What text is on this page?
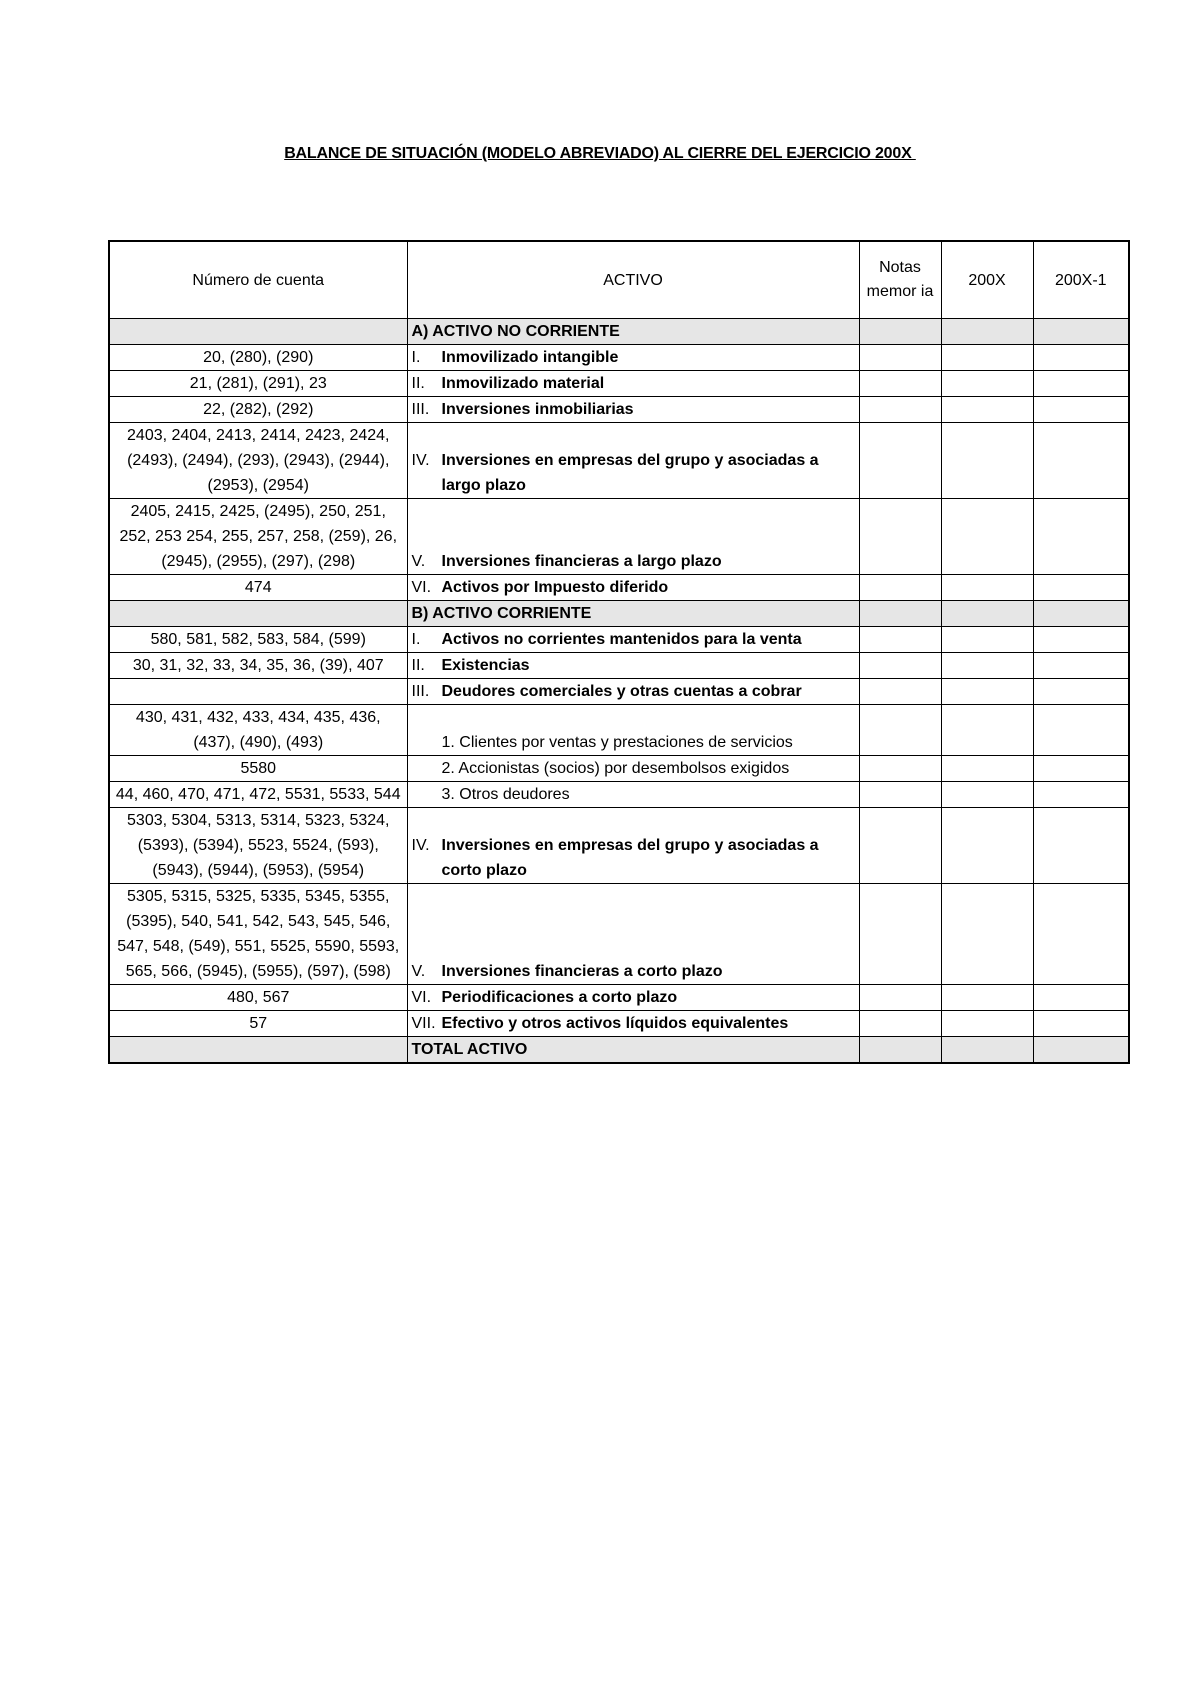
BALANCE DE SITUACIÓN (MODELO ABREVIADO) AL CIERRE DEL EJERCICIO 200X
Número de cuenta	ACTIVO	Notas memor ia	200X	200X-1
	A) ACTIVO NO CORRIENTE			
20, (280), (290)	I. Inmovilizado intangible			

21, (281), (291), 23	II. Inmovilizado material			

22, (282), (292)	III. Inversiones inmobiliarias			

2403, 2404, 2413, 2414, 2423, 2424, (2493), (2494), (293), (2943), (2944), (2953), (2954)	IV. Inversiones en empresas del grupo y asociadas a largo plazo			

2405, 2415, 2425, (2495), 250, 251, 252, 253 254, 255, 257, 258, (259), 26, (2945), (2955), (297), (298)	V. Inversiones financieras a largo plazo			

474	VI. Activos por Impuesto diferido			

	B) ACTIVO CORRIENTE			
580, 581, 582, 583, 584, (599)	I. Activos no corrientes mantenidos para la venta			

30, 31, 32, 33, 34, 35, 36, (39), 407	II. Existencias			

	III. Deudores comerciales y otras cuentas a cobrar			

430, 431, 432, 433, 434, 435, 436, (437), (490), (493)	1. Clientes por ventas y prestaciones de servicios			
5580	2. Accionistas (socios) por desembolsos exigidos			
44, 460, 470, 471, 472, 5531, 5533, 544	3. Otros deudores			
5303, 5304, 5313, 5314, 5323, 5324, (5393), (5394), 5523, 5524, (593), (5943), (5944), (5953), (5954)	IV. Inversiones en empresas del grupo y asociadas a corto plazo			

5305, 5315, 5325, 5335, 5345, 5355, (5395), 540, 541, 542, 543, 545, 546, 547, 548, (549), 551, 5525, 5590, 5593, 565, 566, (5945), (5955), (597), (598)	V. Inversiones financieras a corto plazo			

480, 567	VI. Periodificaciones a corto plazo			

57	VII. Efectivo y otros activos líquidos equivalentes			

	TOTAL ACTIVO			
